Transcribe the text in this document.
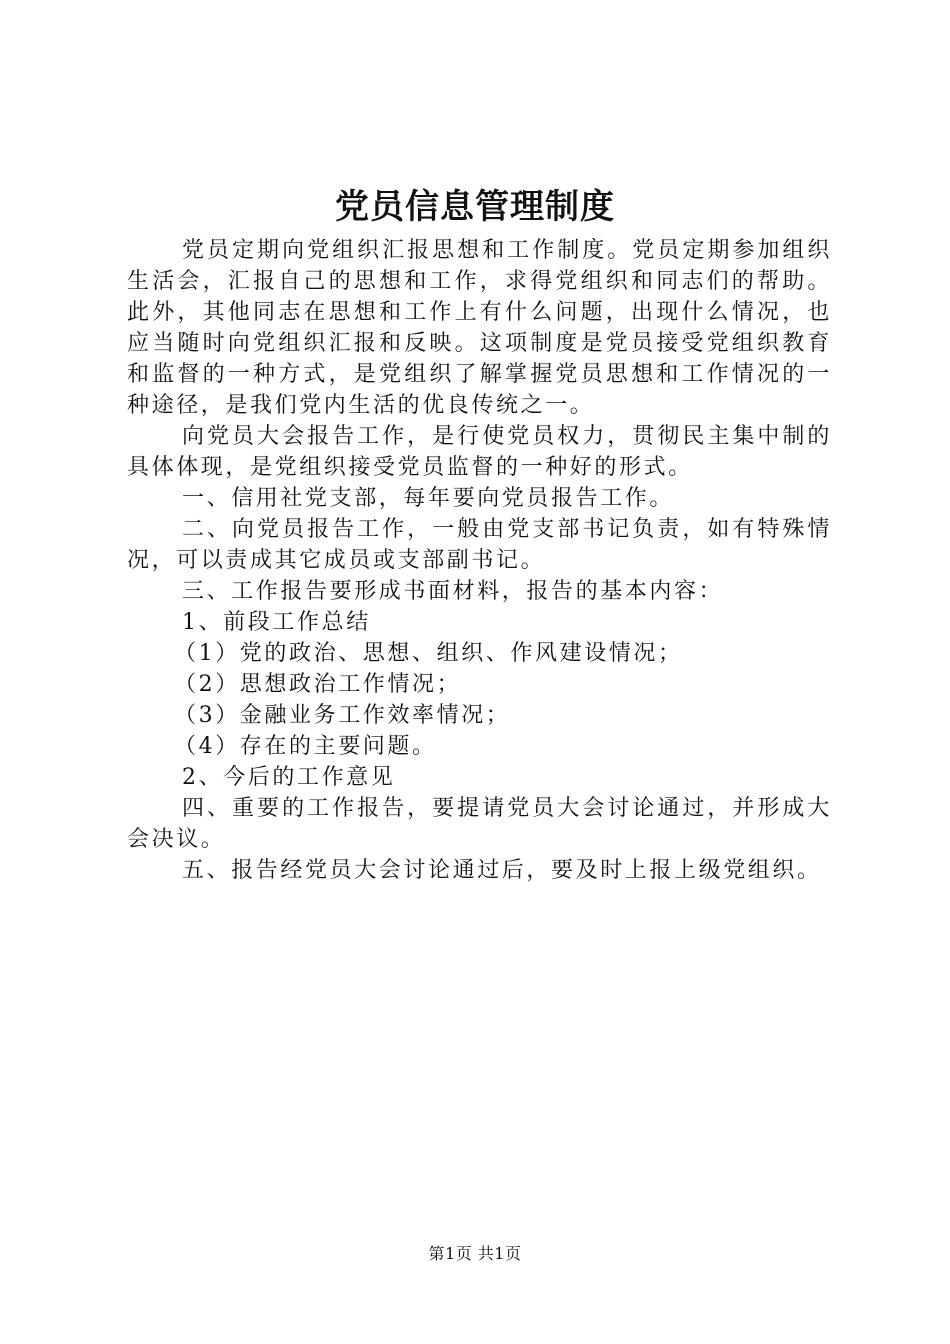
党员信息管理制度

党员定期向党组织汇报思想和工作制度。党员定期参加组织生活会，汇报自己的思想和工作，求得党组织和同志们的帮助。此外，其他同志在思想和工作上有什么问题，出现什么情况，也应当随时向党组织汇报和反映。这项制度是党员接受党组织教育和监督的一种方式，是党组织了解掌握党员思想和工作情况的一种途径，是我们党内生活的优良传统之一。

向党员大会报告工作，是行使党员权力，贯彻民主集中制的具体体现，是党组织接受党员监督的一种好的形式。

一、信用社党支部，每年要向党员报告工作。

二、向党员报告工作，一般由党支部书记负责，如有特殊情况，可以责成其它成员或支部副书记。

三、工作报告要形成书面材料，报告的基本内容：

1、前段工作总结

（1）党的政治、思想、组织、作风建设情况；

（2）思想政治工作情况；

（3）金融业务工作效率情况；

（4）存在的主要问题。

2、今后的工作意见

四、重要的工作报告，要提请党员大会讨论通过，并形成大会决议。

五、报告经党员大会讨论通过后，要及时上报上级党组织。

第1页 共1页
